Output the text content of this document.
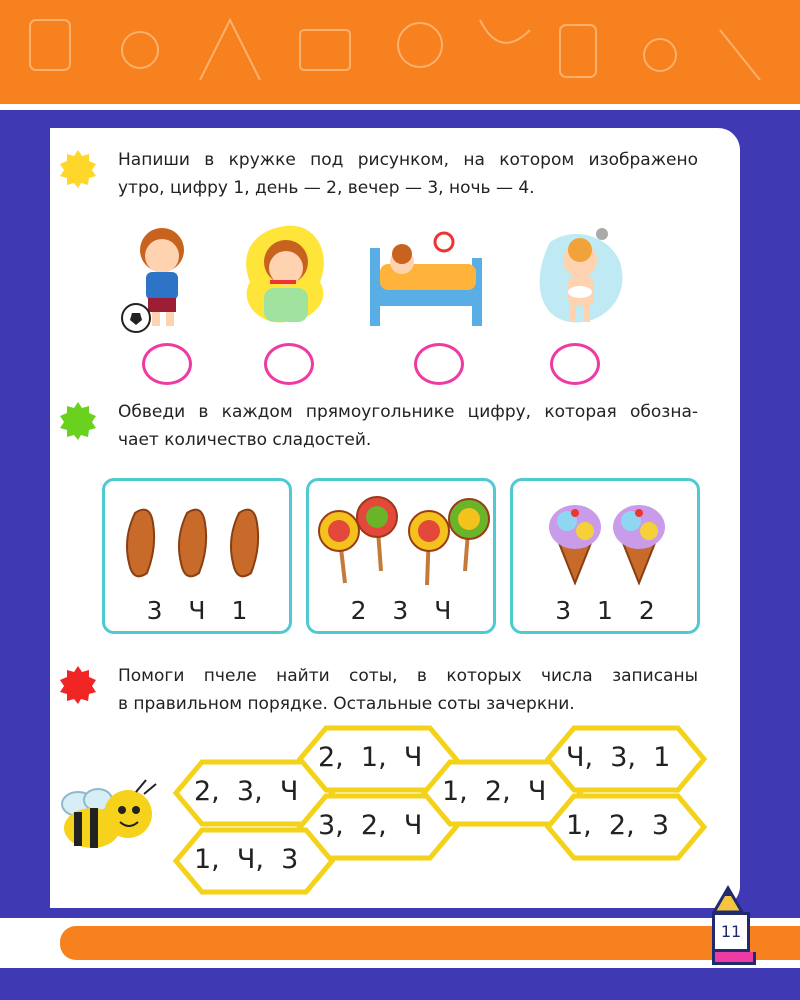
Напиши в кружке под рисунком, на котором изображено
утро, цифру 1, день — 2, вечер — 3, ночь — 4.
Обведи в каждом прямоугольнике цифру, которая обозна-
чает количество сладостей.
3 Ч 1	2 3 Ч	3 1 2
Помоги пчеле найти соты, в которых числа записаны
в правильном порядке. Остальные соты зачеркни.
2,  3,  Ч
2,  1,  Ч
3,  2,  Ч
1,  Ч,  3
1,  2,  Ч
Ч,  3,  1
1,  2,  3
11
